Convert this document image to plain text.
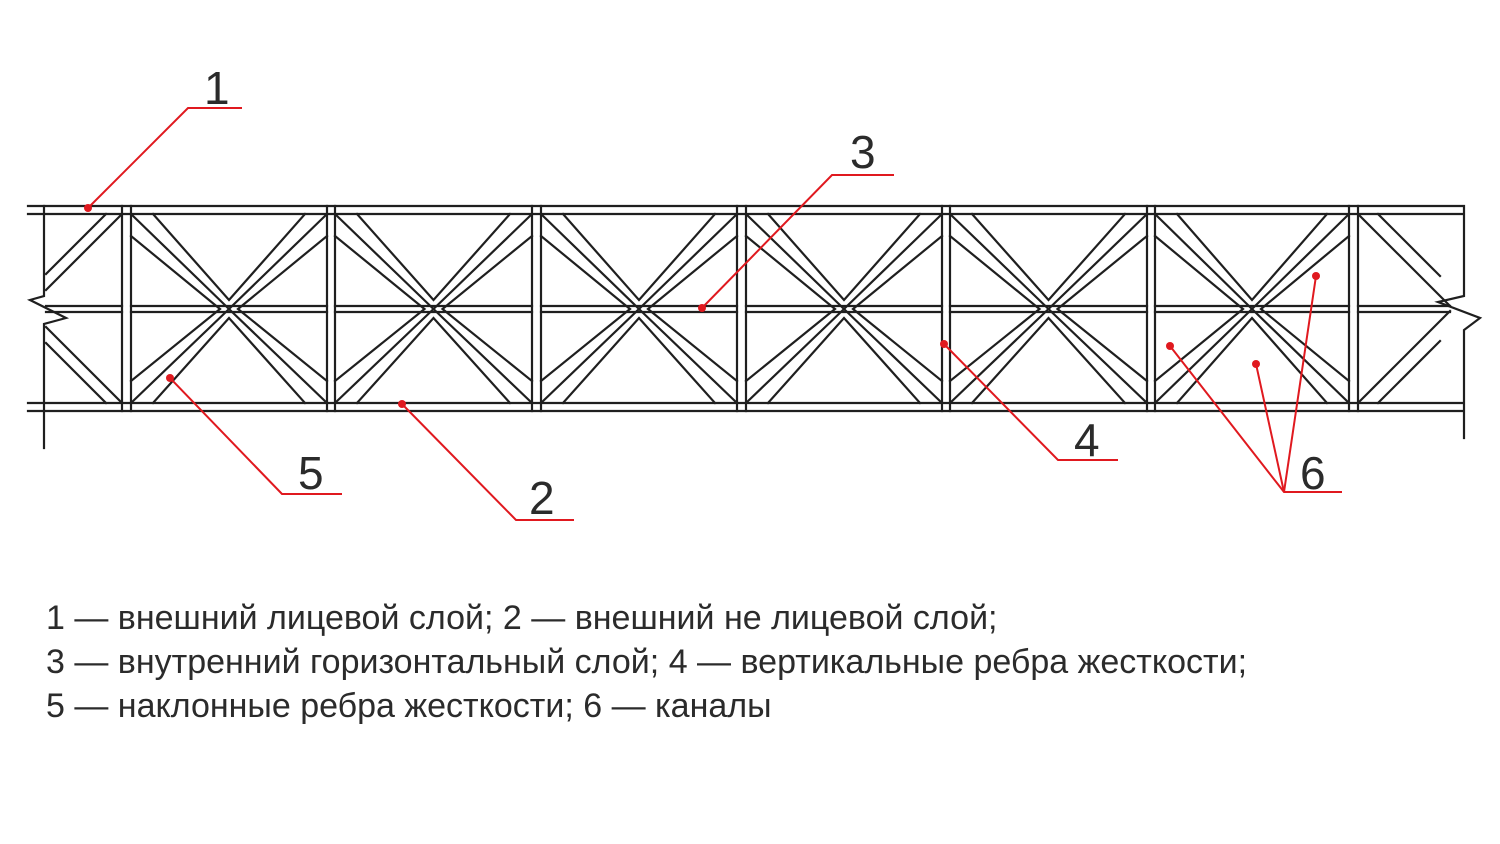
1
3
4
5	2	6
1 — внешний лицевой слой; 2 — внешний не лицевой слой;
3 — внутренний горизонтальный слой; 4 — вертикальные ребра жесткости;
5 — наклонные ребра жесткости; 6 — каналы
